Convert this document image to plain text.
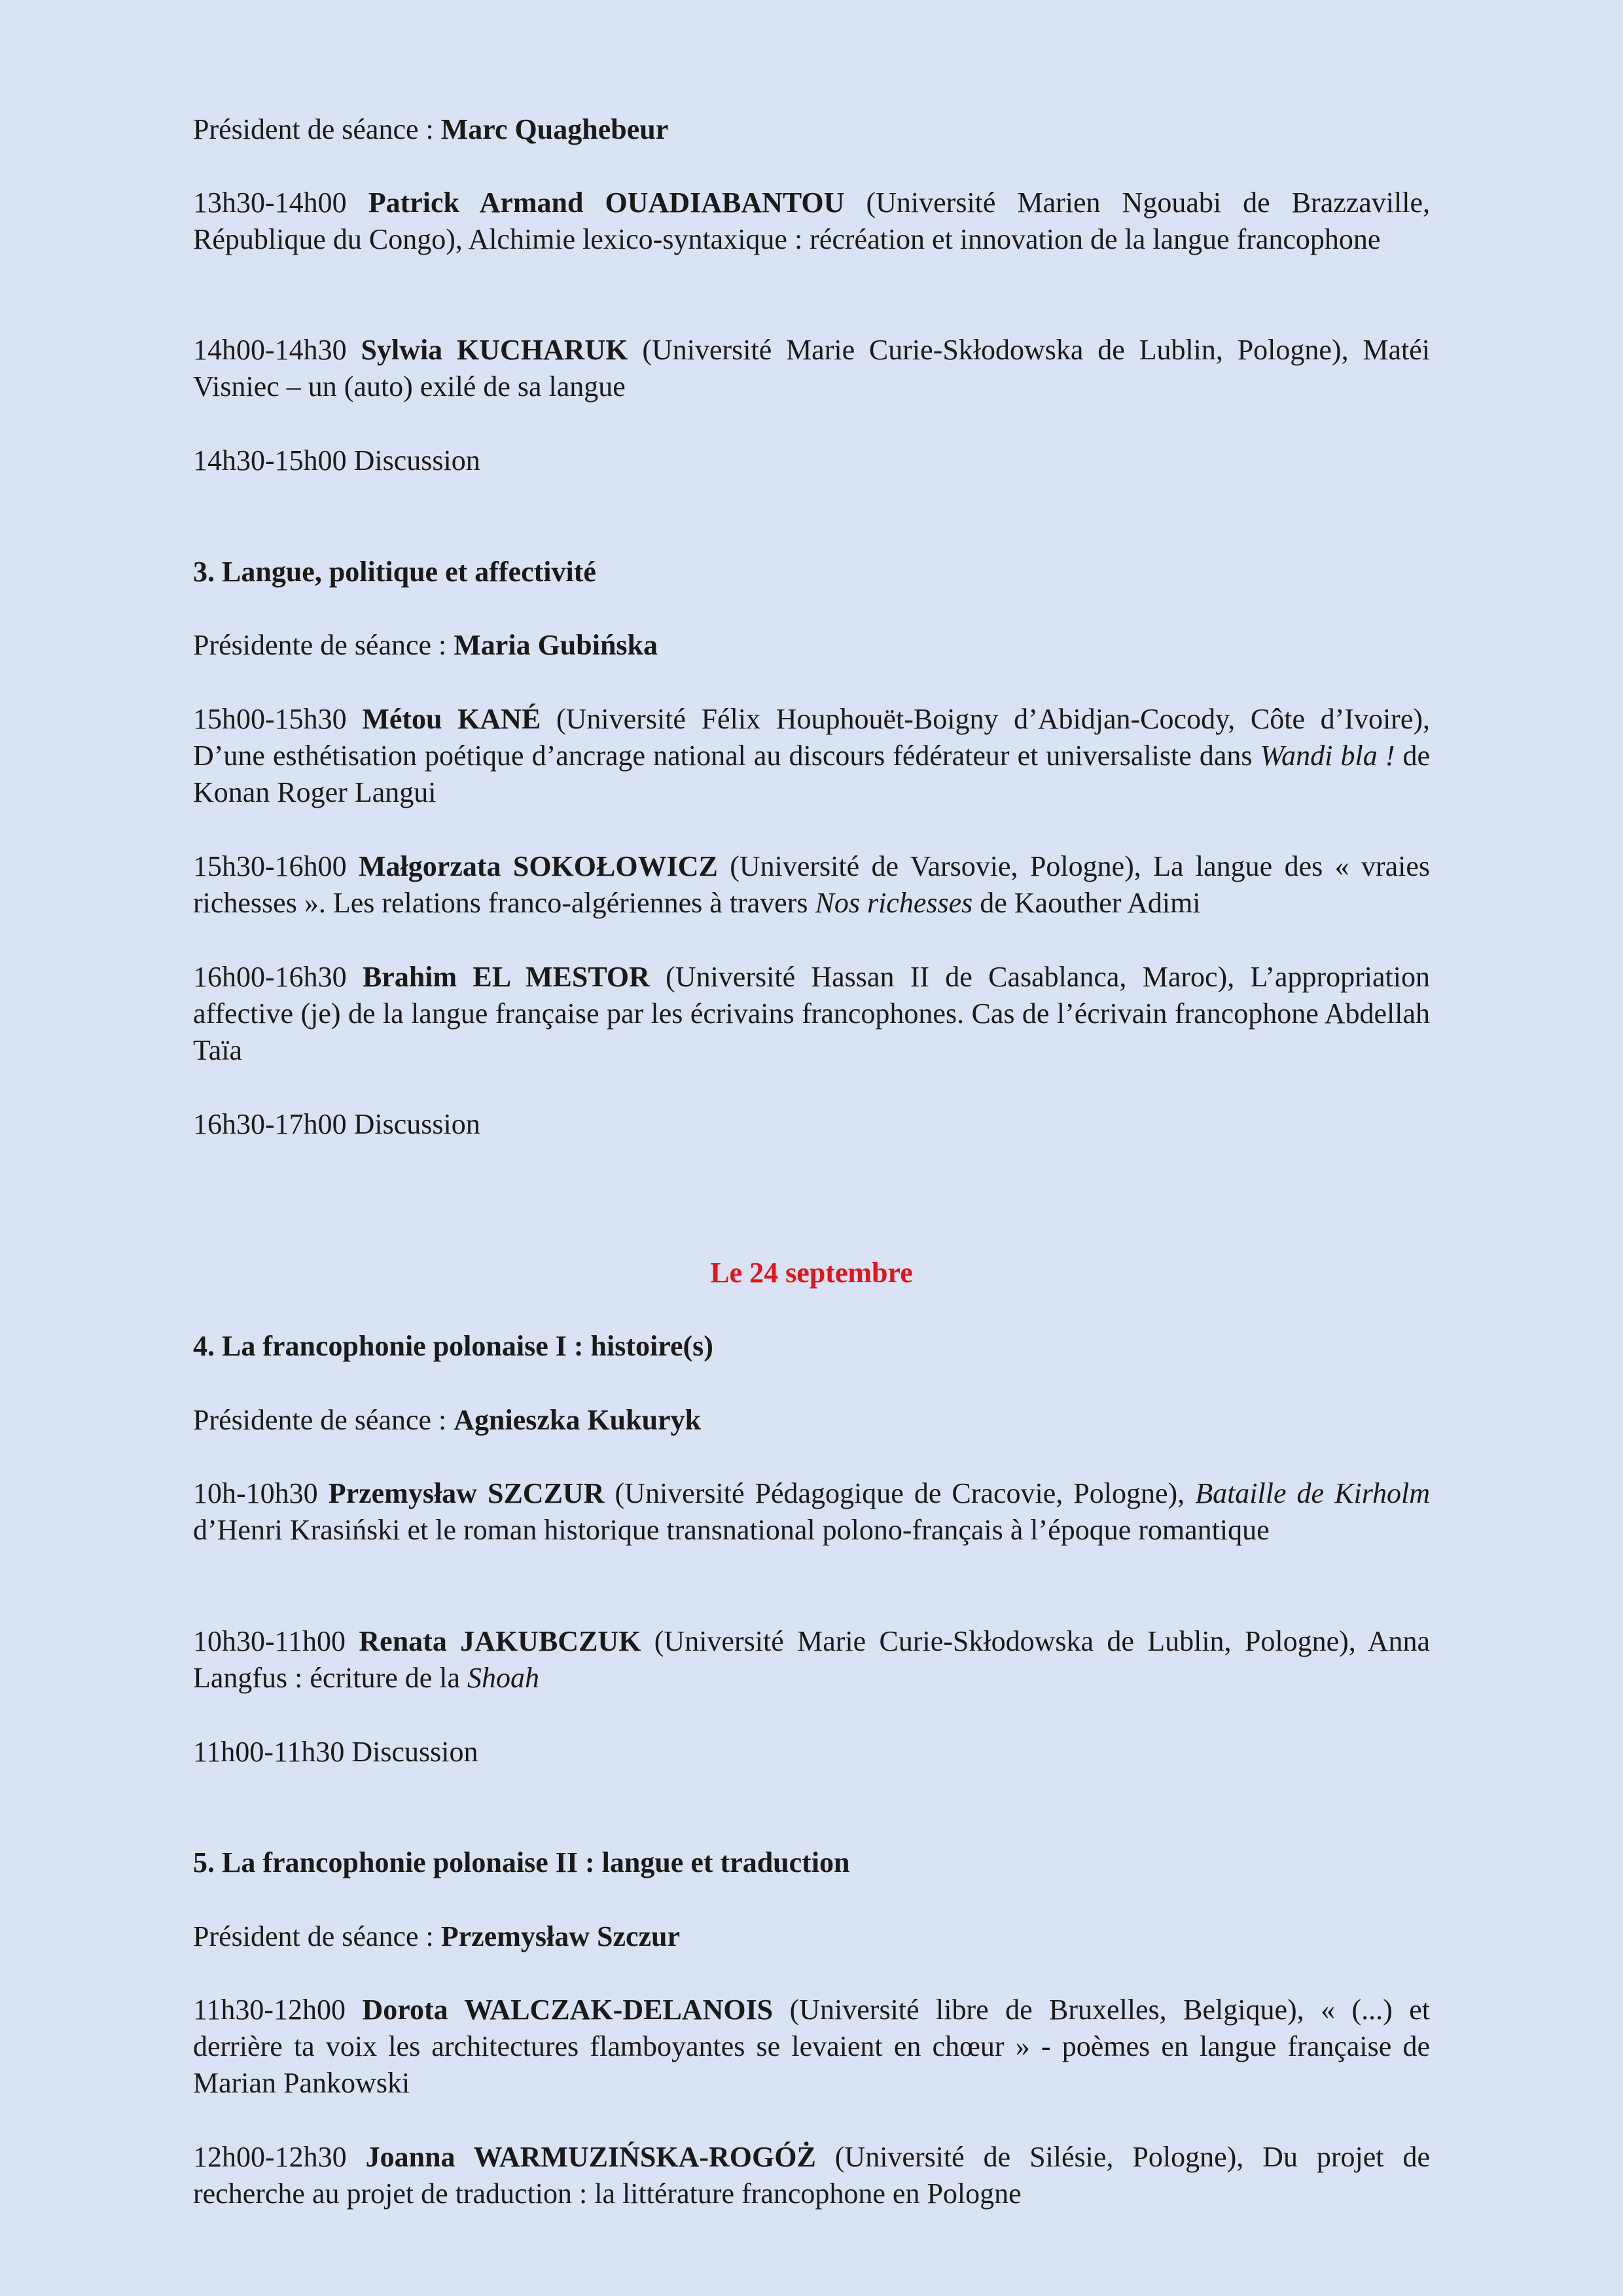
Président de séance : Marc Quaghebeur

13h30-14h00 Patrick Armand OUADIABANTOU (Université Marien Ngouabi de Brazzaville, République du Congo), Alchimie lexico-syntaxique : récréation et innovation de la langue francophone

14h00-14h30 Sylwia KUCHARUK (Université Marie Curie-Skłodowska de Lublin, Pologne), Matéi Visniec – un (auto) exilé de sa langue

14h30-15h00 Discussion

3. Langue, politique et affectivité

Présidente de séance : Maria Gubińska

15h00-15h30 Métou KANÉ (Université Félix Houphouët-Boigny d’Abidjan-Cocody, Côte d’Ivoire), D’une esthétisation poétique d’ancrage national au discours fédérateur et universaliste dans Wandi bla ! de Konan Roger Langui

15h30-16h00 Małgorzata SOKOŁOWICZ (Université de Varsovie, Pologne), La langue des « vraies richesses ». Les relations franco-algériennes à travers Nos richesses de Kaouther Adimi

16h00-16h30 Brahim EL MESTOR (Université Hassan II de Casablanca, Maroc), L’appropriation affective (je) de la langue française par les écrivains francophones. Cas de l’écrivain francophone Abdellah Taïa

16h30-17h00 Discussion

Le 24 septembre

4. La francophonie polonaise I : histoire(s)

Présidente de séance : Agnieszka Kukuryk

10h-10h30 Przemysław SZCZUR (Université Pédagogique de Cracovie, Pologne), Bataille de Kirholm d’Henri Krasiński et le roman historique transnational polono-français à l’époque romantique

10h30-11h00 Renata JAKUBCZUK (Université Marie Curie-Skłodowska de Lublin, Pologne), Anna Langfus : écriture de la Shoah

11h00-11h30 Discussion

5. La francophonie polonaise II : langue et traduction

Président de séance : Przemysław Szczur

11h30-12h00 Dorota WALCZAK-DELANOIS (Université libre de Bruxelles, Belgique), « (...) et derrière ta voix les architectures flamboyantes se levaient en chœur » - poèmes en langue française de Marian Pankowski

12h00-12h30 Joanna WARMUZIŃSKA-ROGÓŻ (Université de Silésie, Pologne), Du projet de recherche au projet de traduction : la littérature francophone en Pologne
